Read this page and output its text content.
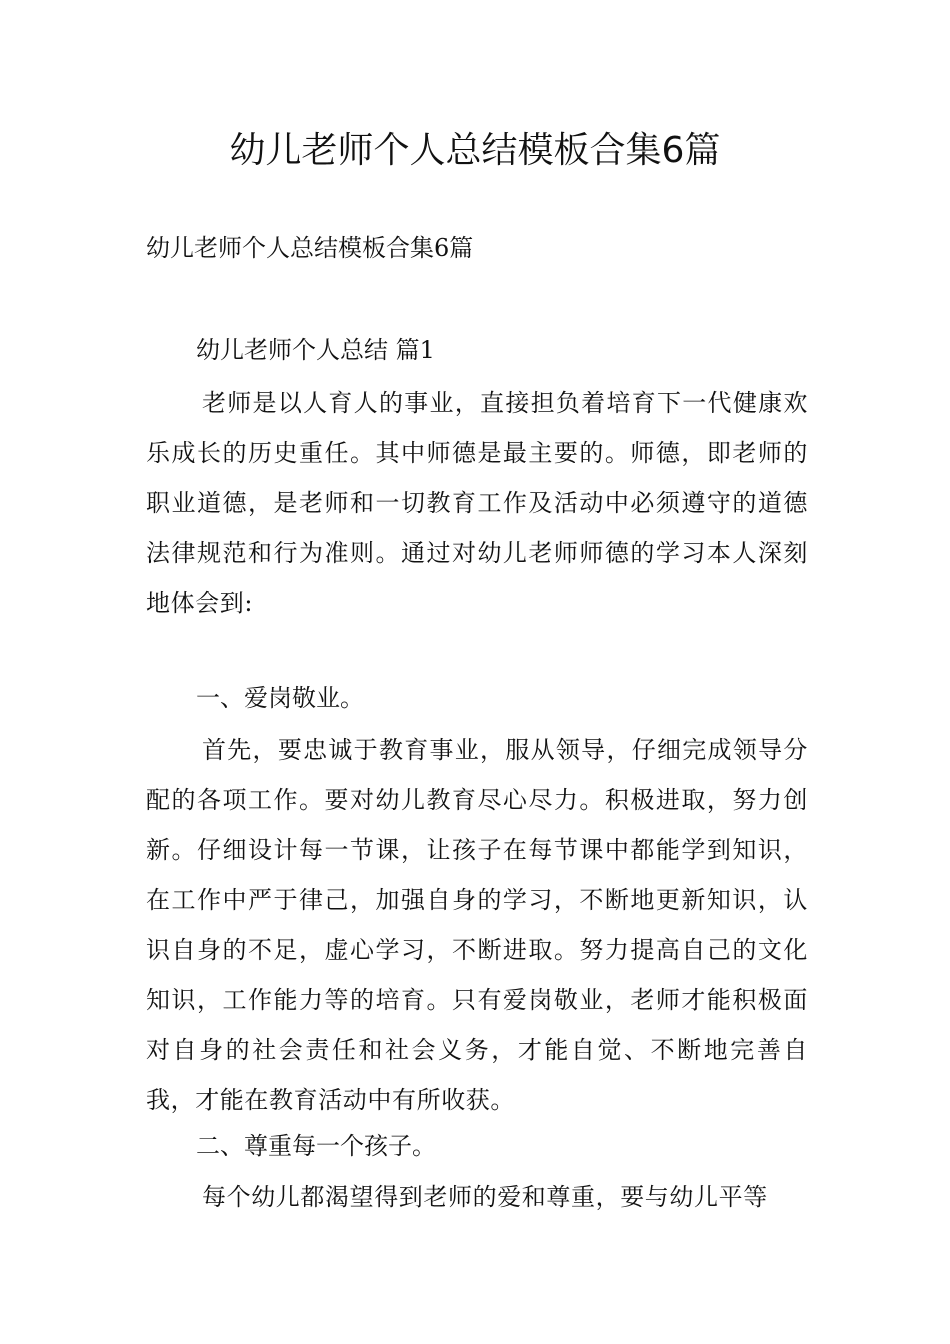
幼儿老师个人总结模板合集6篇

幼儿老师个人总结模板合集6篇

幼儿老师个人总结 篇1

老师是以人育人的事业，直接担负着培育下一代健康欢乐成长的历史重任。其中师德是最主要的。师德，即老师的职业道德，是老师和一切教育工作及活动中必须遵守的道德法律规范和行为准则。通过对幼儿老师师德的学习本人深刻地体会到:

一、爱岗敬业。

首先，要忠诚于教育事业，服从领导，仔细完成领导分配的各项工作。要对幼儿教育尽心尽力。积极进取，努力创新。仔细设计每一节课，让孩子在每节课中都能学到知识，在工作中严于律己，加强自身的学习，不断地更新知识，认识自身的不足，虚心学习，不断进取。努力提高自己的文化知识，工作能力等的培育。只有爱岗敬业，老师才能积极面对自身的社会责任和社会义务，才能自觉、不断地完善自我，才能在教育活动中有所收获。

二、尊重每一个孩子。

每个幼儿都渴望得到老师的爱和尊重，要与幼儿平等
